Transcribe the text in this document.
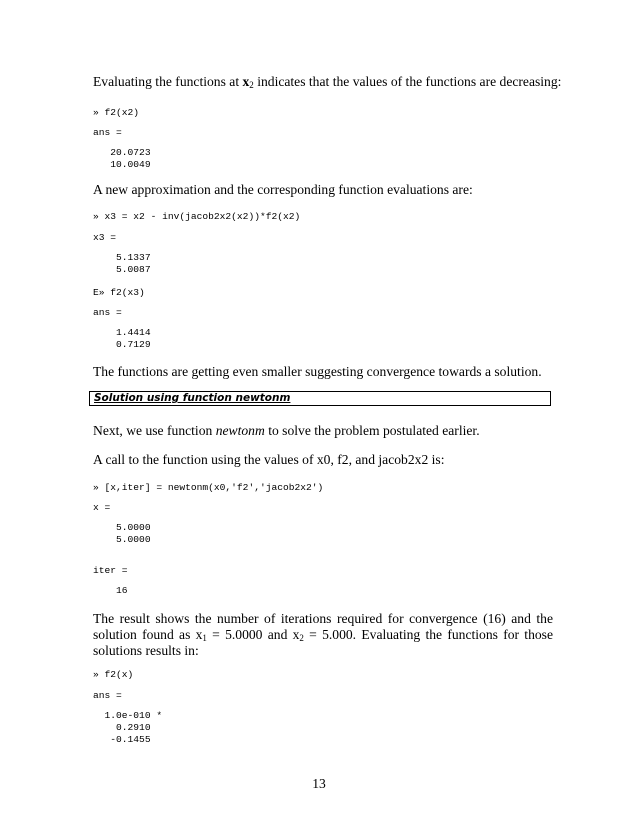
Evaluating the functions at $x_2$ indicates that the values of the functions are decreasing:

» f2(x2)
ans =
20.0723
10.0049

A new approximation and the corresponding function evaluations are:

» x3 = x2 - inv(jacob2x2(x2))*f2(x2)
x3 =
5.1337
5.0087
E» f2(x3)
ans =
1.4414
0.7129

The functions are getting even smaller suggesting convergence towards a solution.

Solution using function newtonm

Next, we use function newtonm to solve the problem postulated earlier.

A call to the function using the values of x0, f2, and jacob2x2 is:

» [x,iter] = newtonm(x0,'f2','jacob2x2')
x =
5.0000
5.0000
iter =
16

The result shows the number of iterations required for convergence (16) and the solution found as $x_1 = 5.0000$ and $x_2 = 5.000$. Evaluating the functions for those solutions results in:

» f2(x)
ans =
1.0e-010 *
0.2910
-0.1455
13
